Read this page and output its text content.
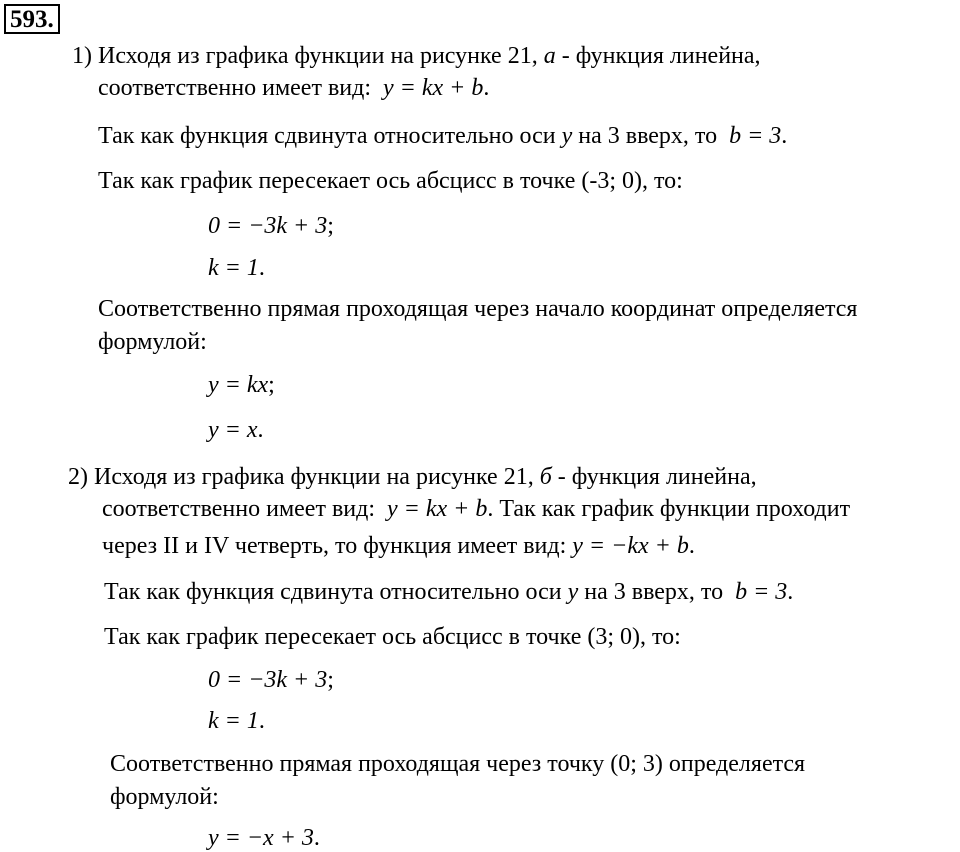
593.
1) Исходя из графика функции на рисунке 21, а - функция линейна,
соответственно имеет вид: y = kx + b.
Так как функция сдвинута относительно оси y на 3 вверх, то  b = 3.
Так как график пересекает ось абсцисс в точке (-3; 0), то:
0 = −3k + 3;
k = 1.
Соответственно прямая проходящая через начало координат определяется
формулой:
y = kx;
y = x.
2) Исходя из графика функции на рисунке 21, б - функция линейна,
соответственно имеет вид: y = kx + b. Так как график функции проходит
через II и IV четверть, то функция имеет вид: y = −kx + b.
Так как функция сдвинута относительно оси y на 3 вверх, то  b = 3.
Так как график пересекает ось абсцисс в точке (3; 0), то:
0 = −3k + 3;
k = 1.
Соответственно прямая проходящая через точку (0; 3) определяется
формулой:
y = −x + 3.
